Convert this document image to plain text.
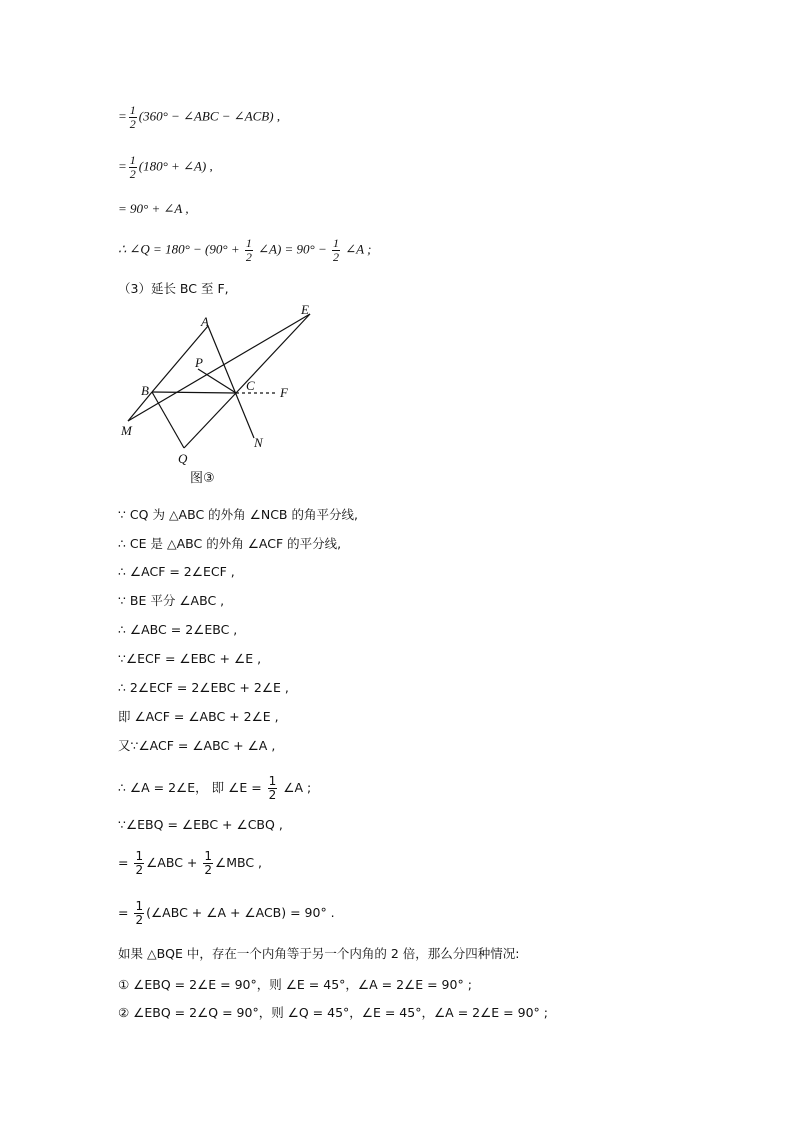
= $\frac{1}{2} (360^\circ$ − ∠ABC − ∠ACB) ,
= $\frac{1}{2} (180^\circ$ + ∠A) ,
= 90° + ∠A ,
∴ ∠Q = $180^\circ - (90^\circ + \frac{1}{2}$ ∠A) = $90^\circ - \frac{1}{2}$ ∠A ;
（3）延长 BC 至 F,
A
E
P
B	C F
M
N
Q
图③
∵ CQ 为 △ABC 的外角 ∠NCB 的角平分线,
∴ CE 是 △ABC 的外角 ∠ACF 的平分线,
∴ ∠ACF = 2∠ECF ,
∵ BE 平分 ∠ABC ,
∴ ∠ABC = 2∠EBC ,
∵∠ECF = ∠EBC + ∠E ,
∴ 2∠ECF = 2∠EBC + 2∠E ,
即 ∠ACF = ∠ABC + 2∠E ,
又∵∠ACF = ∠ABC + ∠A ,
∴ ∠A = 2∠E， 即 ∠E = $\frac{1}{2}$ ∠A ;
∵∠EBQ = ∠EBC + ∠CBQ ,
= $\frac{1}{2}$ ∠ABC + $\frac{1}{2}$ ∠MBC ,
= $\frac{1}{2}$ (∠ABC + ∠A + ∠ACB) = 90° .
如果 △BQE 中，存在一个内角等于另一个内角的 2 倍，那么分四种情况:
① ∠EBQ = 2∠E = 90°，则 ∠E = 45°，∠A = 2∠E = 90° ;
② ∠EBQ = 2∠Q = 90°，则 ∠Q = 45°，∠E = 45°，∠A = 2∠E = 90° ;
